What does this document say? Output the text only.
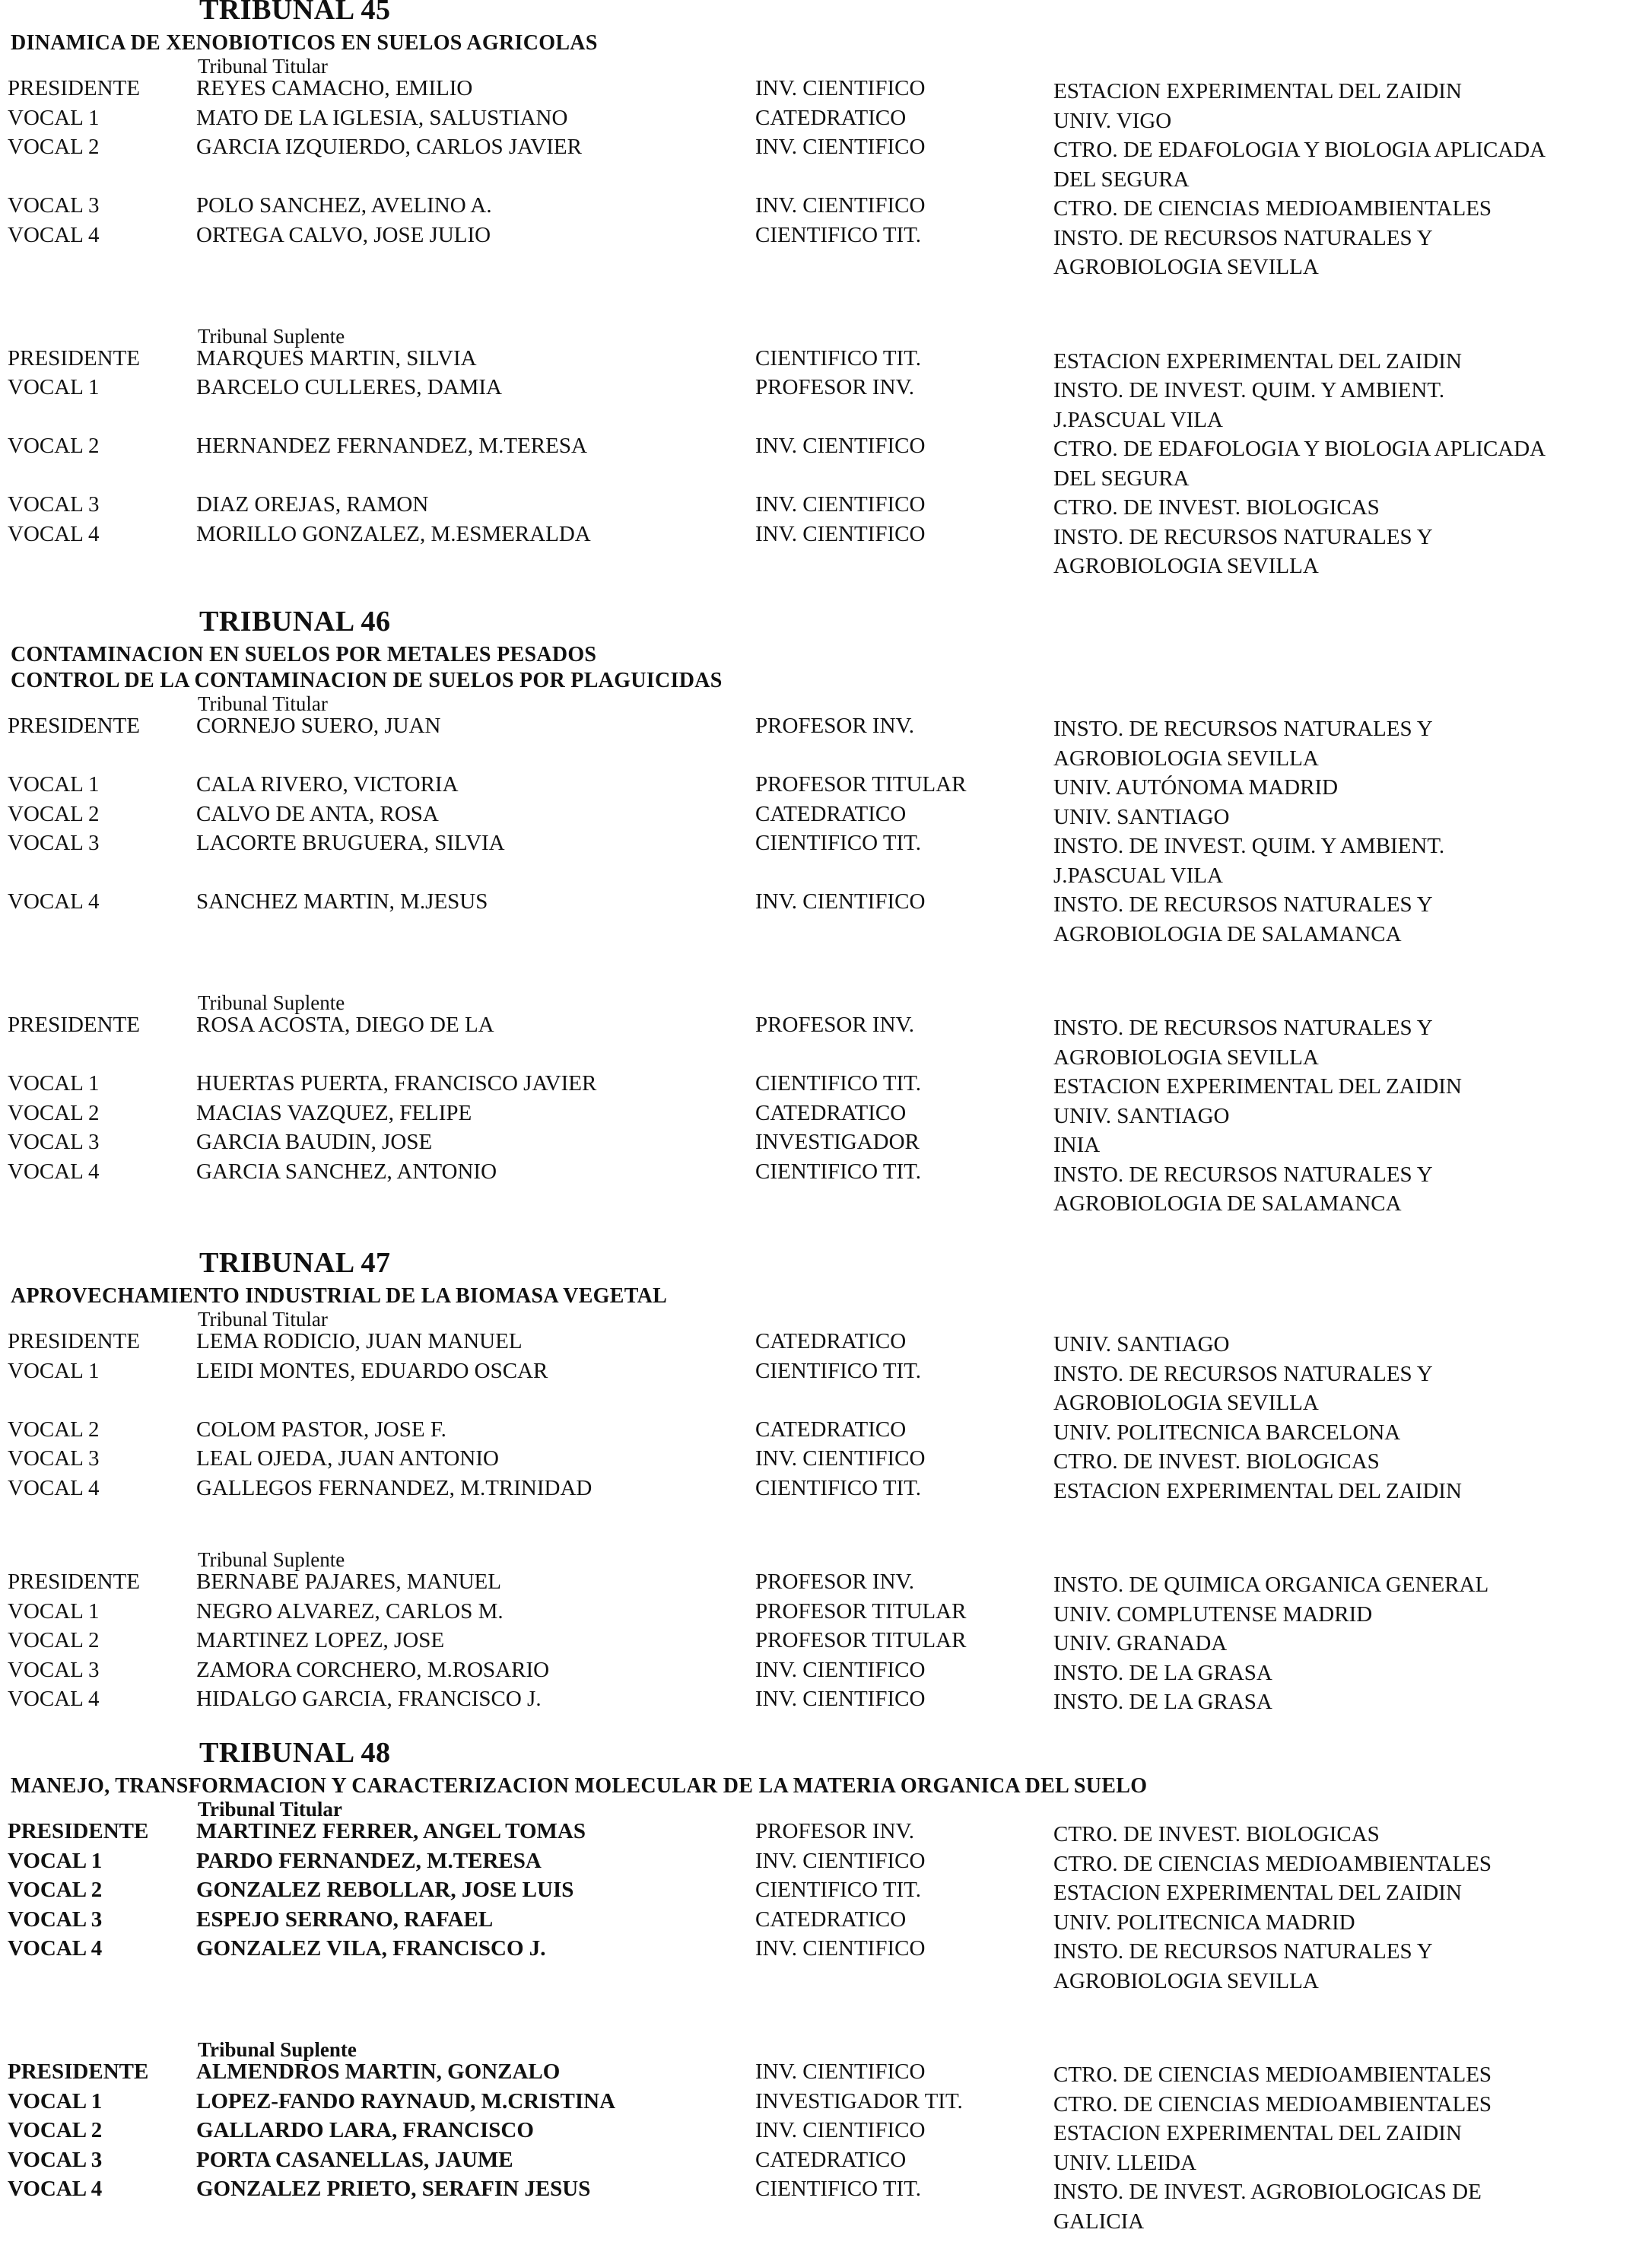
TRIBUNAL 45
DINAMICA DE XENOBIOTICOS EN SUELOS AGRICOLAS
Tribunal Titular
PRESIDENTE	REYES CAMACHO, EMILIO	INV. CIENTIFICO	ESTACION EXPERIMENTAL DEL ZAIDIN
VOCAL 1	MATO DE LA IGLESIA, SALUSTIANO	CATEDRATICO	UNIV. VIGO
VOCAL 2	GARCIA IZQUIERDO, CARLOS JAVIER	INV. CIENTIFICO	CTRO. DE EDAFOLOGIA Y BIOLOGIA APLICADA
DEL SEGURA
VOCAL 3	POLO SANCHEZ, AVELINO A.	INV. CIENTIFICO	CTRO. DE CIENCIAS MEDIOAMBIENTALES
VOCAL 4	ORTEGA CALVO, JOSE JULIO	CIENTIFICO TIT.	INSTO. DE RECURSOS NATURALES Y
AGROBIOLOGIA SEVILLA
Tribunal Suplente
PRESIDENTE	MARQUES MARTIN, SILVIA	CIENTIFICO TIT.	ESTACION EXPERIMENTAL DEL ZAIDIN
VOCAL 1	BARCELO CULLERES, DAMIA	PROFESOR INV.	INSTO. DE INVEST. QUIM. Y AMBIENT.
J.PASCUAL VILA
VOCAL 2	HERNANDEZ FERNANDEZ, M.TERESA	INV. CIENTIFICO	CTRO. DE EDAFOLOGIA Y BIOLOGIA APLICADA
DEL SEGURA
VOCAL 3	DIAZ OREJAS, RAMON	INV. CIENTIFICO	CTRO. DE INVEST. BIOLOGICAS
VOCAL 4	MORILLO GONZALEZ, M.ESMERALDA	INV. CIENTIFICO	INSTO. DE RECURSOS NATURALES Y
AGROBIOLOGIA SEVILLA
TRIBUNAL 46
CONTAMINACION EN SUELOS POR METALES PESADOS
CONTROL DE LA CONTAMINACION DE SUELOS POR PLAGUICIDAS
Tribunal Titular
PRESIDENTE	CORNEJO SUERO, JUAN	PROFESOR INV.	INSTO. DE RECURSOS NATURALES Y
AGROBIOLOGIA SEVILLA
VOCAL 1	CALA RIVERO, VICTORIA	PROFESOR TITULAR	UNIV. AUTÓNOMA MADRID
VOCAL 2	CALVO DE ANTA, ROSA	CATEDRATICO	UNIV. SANTIAGO
VOCAL 3	LACORTE BRUGUERA, SILVIA	CIENTIFICO TIT.	INSTO. DE INVEST. QUIM. Y AMBIENT.
J.PASCUAL VILA
VOCAL 4	SANCHEZ MARTIN, M.JESUS	INV. CIENTIFICO	INSTO. DE RECURSOS NATURALES Y
AGROBIOLOGIA DE SALAMANCA
Tribunal Suplente
PRESIDENTE	ROSA ACOSTA, DIEGO DE LA	PROFESOR INV.	INSTO. DE RECURSOS NATURALES Y
AGROBIOLOGIA SEVILLA
VOCAL 1	HUERTAS PUERTA, FRANCISCO JAVIER	CIENTIFICO TIT.	ESTACION EXPERIMENTAL DEL ZAIDIN
VOCAL 2	MACIAS VAZQUEZ, FELIPE	CATEDRATICO	UNIV. SANTIAGO
VOCAL 3	GARCIA BAUDIN, JOSE	INVESTIGADOR	INIA
VOCAL 4	GARCIA SANCHEZ, ANTONIO	CIENTIFICO TIT.	INSTO. DE RECURSOS NATURALES Y
AGROBIOLOGIA DE SALAMANCA
TRIBUNAL 47
APROVECHAMIENTO INDUSTRIAL DE LA BIOMASA VEGETAL
Tribunal Titular
PRESIDENTE	LEMA RODICIO, JUAN MANUEL	CATEDRATICO	UNIV. SANTIAGO
VOCAL 1	LEIDI MONTES, EDUARDO OSCAR	CIENTIFICO TIT.	INSTO. DE RECURSOS NATURALES Y
AGROBIOLOGIA SEVILLA
VOCAL 2	COLOM PASTOR, JOSE F.	CATEDRATICO	UNIV. POLITECNICA BARCELONA
VOCAL 3	LEAL OJEDA, JUAN ANTONIO	INV. CIENTIFICO	CTRO. DE INVEST. BIOLOGICAS
VOCAL 4	GALLEGOS FERNANDEZ, M.TRINIDAD	CIENTIFICO TIT.	ESTACION EXPERIMENTAL DEL ZAIDIN
Tribunal Suplente
PRESIDENTE	BERNABE PAJARES, MANUEL	PROFESOR INV.	INSTO. DE QUIMICA ORGANICA GENERAL
VOCAL 1	NEGRO ALVAREZ, CARLOS M.	PROFESOR TITULAR	UNIV. COMPLUTENSE MADRID
VOCAL 2	MARTINEZ LOPEZ, JOSE	PROFESOR TITULAR	UNIV. GRANADA
VOCAL 3	ZAMORA CORCHERO, M.ROSARIO	INV. CIENTIFICO	INSTO. DE LA GRASA
VOCAL 4	HIDALGO GARCIA, FRANCISCO J.	INV. CIENTIFICO	INSTO. DE LA GRASA
TRIBUNAL 48
MANEJO, TRANSFORMACION Y CARACTERIZACION MOLECULAR DE LA MATERIA ORGANICA DEL SUELO
Tribunal Titular
PRESIDENTE MARTINEZ FERRER, ANGEL TOMAS	PROFESOR INV.	CTRO. DE INVEST. BIOLOGICAS
VOCAL 1	PARDO FERNANDEZ, M.TERESA	INV. CIENTIFICO	CTRO. DE CIENCIAS MEDIOAMBIENTALES
VOCAL 2	GONZALEZ REBOLLAR, JOSE LUIS	CIENTIFICO TIT.	ESTACION EXPERIMENTAL DEL ZAIDIN
VOCAL 3	ESPEJO SERRANO, RAFAEL	CATEDRATICO	UNIV. POLITECNICA MADRID
VOCAL 4	GONZALEZ VILA, FRANCISCO J.	INV. CIENTIFICO	INSTO. DE RECURSOS NATURALES Y
AGROBIOLOGIA SEVILLA
Tribunal Suplente
PRESIDENTE ALMENDROS MARTIN, GONZALO	INV. CIENTIFICO	CTRO. DE CIENCIAS MEDIOAMBIENTALES
VOCAL 1	LOPEZ-FANDO RAYNAUD, M.CRISTINA	INVESTIGADOR TIT.	CTRO. DE CIENCIAS MEDIOAMBIENTALES
VOCAL 2	GALLARDO LARA, FRANCISCO	INV. CIENTIFICO	ESTACION EXPERIMENTAL DEL ZAIDIN
VOCAL 3	PORTA CASANELLAS, JAUME	CATEDRATICO	UNIV. LLEIDA
VOCAL 4	GONZALEZ PRIETO, SERAFIN JESUS	CIENTIFICO TIT.	INSTO. DE INVEST. AGROBIOLOGICAS DE
GALICIA
